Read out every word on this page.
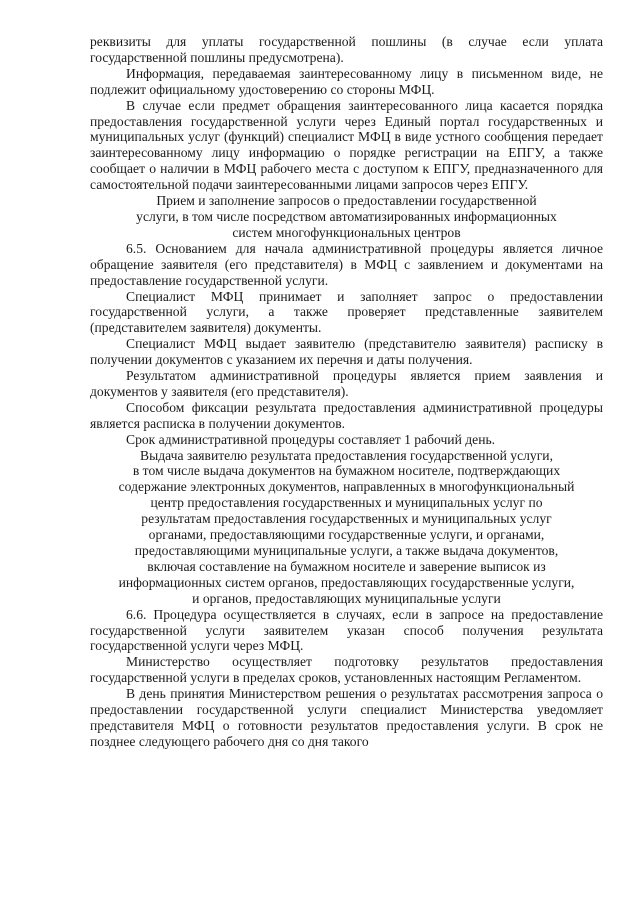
реквизиты для уплаты государственной пошлины (в случае если уплата государственной пошлины предусмотрена).

Информация, передаваемая заинтересованному лицу в письменном виде, не подлежит официальному удостоверению со стороны МФЦ.

В случае если предмет обращения заинтересованного лица касается порядка предоставления государственной услуги через Единый портал государственных и муниципальных услуг (функций) специалист МФЦ в виде устного сообщения передает заинтересованному лицу информацию о порядке регистрации на ЕПГУ, а также сообщает о наличии в МФЦ рабочего места с доступом к ЕПГУ, предназначенного для самостоятельной подачи заинтересованными лицами запросов через ЕПГУ.

Прием и заполнение запросов о предоставлении государственной
услуги, в том числе посредством автоматизированных информационных
систем многофункциональных центров

6.5. Основанием для начала административной процедуры является личное обращение заявителя (его представителя) в МФЦ с заявлением и документами на предоставление государственной услуги.

Специалист МФЦ принимает и заполняет запрос о предоставлении государственной услуги, а также проверяет представленные заявителем (представителем заявителя) документы.

Специалист МФЦ выдает заявителю (представителю заявителя) расписку в получении документов с указанием их перечня и даты получения.

Результатом административной процедуры является прием заявления и документов у заявителя (его представителя).

Способом фиксации результата предоставления административной процедуры является расписка в получении документов.

Срок административной процедуры составляет 1 рабочий день.

Выдача заявителю результата предоставления государственной услуги,
в том числе выдача документов на бумажном носителе, подтверждающих
содержание электронных документов, направленных в многофункциональный
центр предоставления государственных и муниципальных услуг по
результатам предоставления государственных и муниципальных услуг
органами, предоставляющими государственные услуги, и органами,
предоставляющими муниципальные услуги, а также выдача документов,
включая составление на бумажном носителе и заверение выписок из
информационных систем органов, предоставляющих государственные услуги,
и органов, предоставляющих муниципальные услуги

6.6. Процедура осуществляется в случаях, если в запросе на предоставление государственной услуги заявителем указан способ получения результата государственной услуги через МФЦ.

Министерство осуществляет подготовку результатов предоставления государственной услуги в пределах сроков, установленных настоящим Регламентом.

В день принятия Министерством решения о результатах рассмотрения запроса о предоставлении государственной услуги специалист Министерства уведомляет представителя МФЦ о готовности результатов предоставления услуги. В срок не позднее следующего рабочего дня со дня такого
